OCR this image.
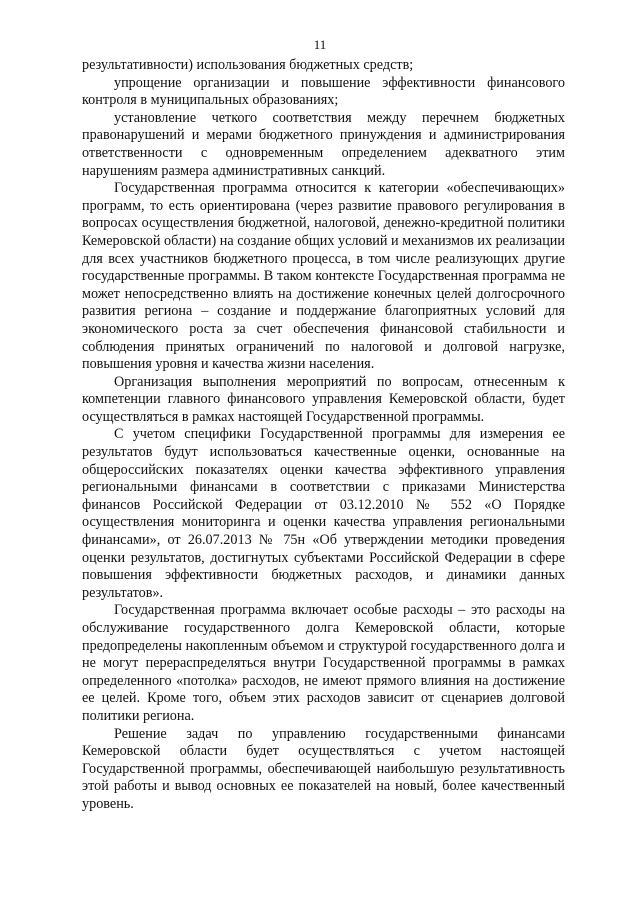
11

результативности) использования бюджетных средств;

упрощение организации и повышение эффективности финансового контроля в муниципальных образованиях;

установление четкого соответствия между перечнем бюджетных правонарушений и мерами бюджетного принуждения и администрирования ответственности с одновременным определением адекватного этим нарушениям размера административных санкций.

Государственная программа относится к категории «обеспечивающих» программ, то есть ориентирована (через развитие правового регулирования в вопросах осуществления бюджетной, налоговой, денежно-кредитной политики Кемеровской области) на создание общих условий и механизмов их реализации для всех участников бюджетного процесса, в том числе реализующих другие государственные программы. В таком контексте Государственная программа не может непосредственно влиять на достижение конечных целей долгосрочного развития региона – создание и поддержание благоприятных условий для экономического роста за счет обеспечения финансовой стабильности и соблюдения принятых ограничений по налоговой и долговой нагрузке, повышения уровня и качества жизни населения.

Организация выполнения мероприятий по вопросам, отнесенным к компетенции главного финансового управления Кемеровской области, будет осуществляться в рамках настоящей Государственной программы.

С учетом специфики Государственной программы для измерения ее результатов будут использоваться качественные оценки, основанные на общероссийских показателях оценки качества эффективного управления региональными финансами в соответствии с приказами Министерства финансов Российской Федерации от 03.12.2010 № 552 «О Порядке осуществления мониторинга и оценки качества управления региональными финансами», от 26.07.2013 № 75н «Об утверждении методики проведения оценки результатов, достигнутых субъектами Российской Федерации в сфере повышения эффективности бюджетных расходов, и динамики данных результатов».

Государственная программа включает особые расходы – это расходы на обслуживание государственного долга Кемеровской области, которые предопределены накопленным объемом и структурой государственного долга и не могут перераспределяться внутри Государственной программы в рамках определенного «потолка» расходов, не имеют прямого влияния на достижение ее целей. Кроме того, объем этих расходов зависит от сценариев долговой политики региона.

Решение задач по управлению государственными финансами Кемеровской области будет осуществляться с учетом настоящей Государственной программы, обеспечивающей наибольшую результативность этой работы и вывод основных ее показателей на новый, более качественный уровень.
